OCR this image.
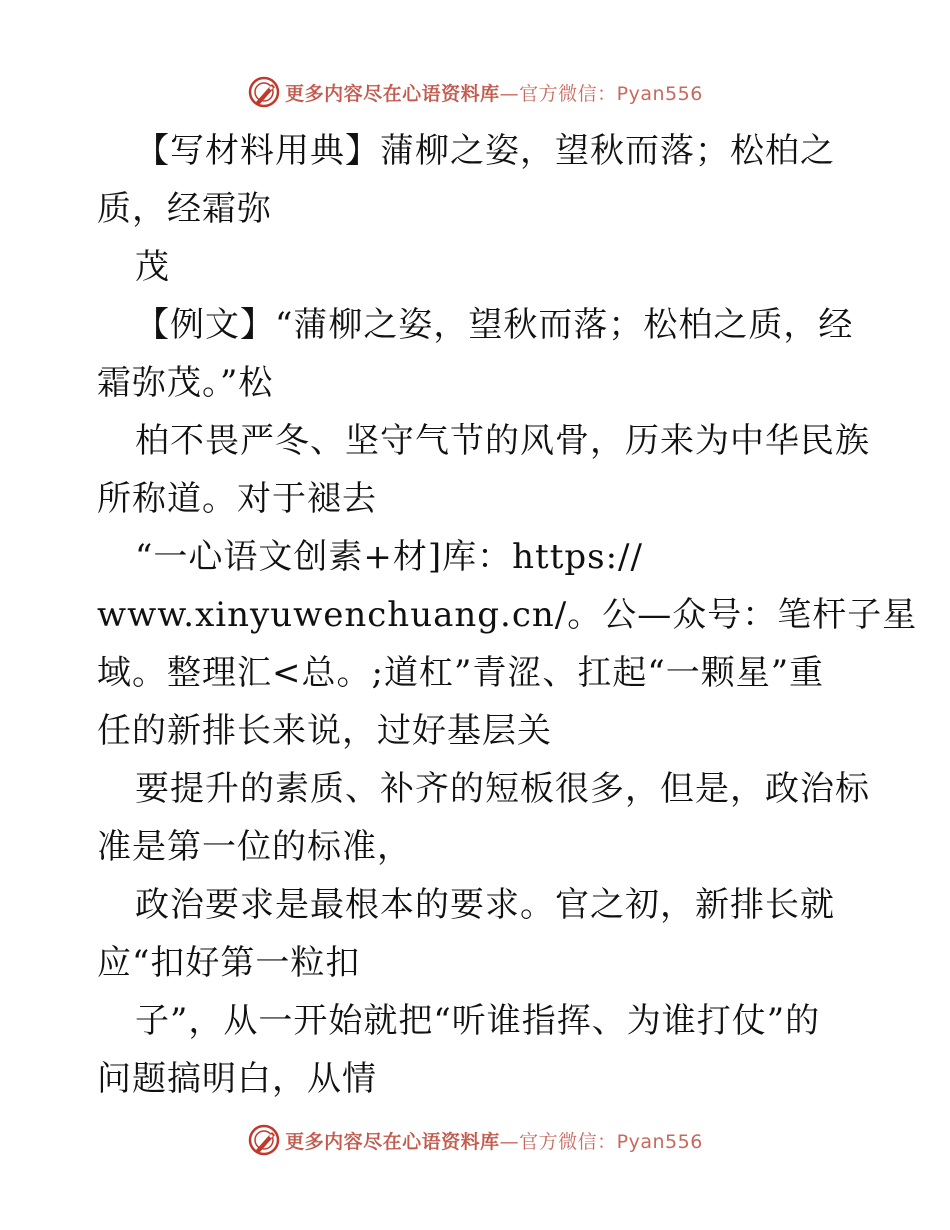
更多内容尽在心语资料库—官方微信：Pyan556
【写材料用典】蒲柳之姿，望秋而落；松柏之
质，经霜弥
茂
【例文】“蒲柳之姿，望秋而落；松柏之质，经
霜弥茂。”松
柏不畏严冬、坚守气节的风骨，历来为中华民族
所称道。对于褪去
“一心语文创素+材]库：https://
www.xinyuwenchuang.cn/。公—众号：笔杆子星
域。整理汇<总。;道杠”青涩、扛起“一颗星”重
任的新排长来说，过好基层关
要提升的素质、补齐的短板很多，但是，政治标
准是第一位的标准，
政治要求是最根本的要求。官之初，新排长就
应“扣好第一粒扣
子”，从一开始就把“听谁指挥、为谁打仗”的
问题搞明白，从情
更多内容尽在心语资料库—官方微信：Pyan556
